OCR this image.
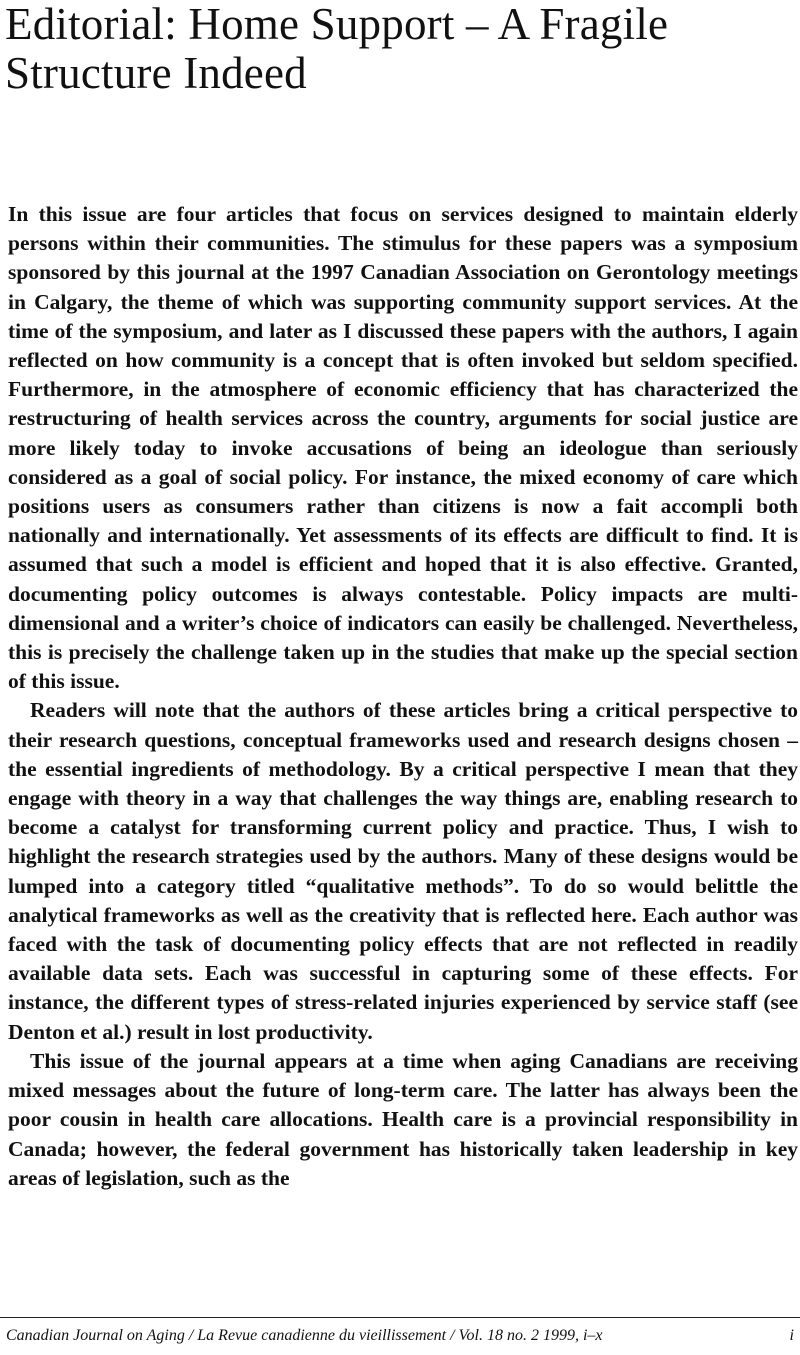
Editorial: Home Support – A Fragile
Structure Indeed

In this issue are four articles that focus on services designed to maintain elderly persons within their communities. The stimulus for these papers was a symposium sponsored by this journal at the 1997 Canadian Association on Gerontology meetings in Calgary, the theme of which was supporting community support services. At the time of the symposium, and later as I discussed these papers with the authors, I again reflected on how community is a concept that is often invoked but seldom specified. Furthermore, in the atmosphere of economic efficiency that has characterized the restructuring of health services across the country, arguments for social justice are more likely today to invoke accusations of being an ideologue than seriously considered as a goal of social policy. For instance, the mixed economy of care which positions users as consumers rather than citizens is now a fait accompli both nationally and internationally. Yet assessments of its effects are difficult to find. It is assumed that such a model is efficient and hoped that it is also effective. Granted, documenting policy outcomes is always contestable. Policy impacts are multi-dimensional and a writer’s choice of indicators can easily be challenged. Nevertheless, this is precisely the challenge taken up in the studies that make up the special section of this issue.

Readers will note that the authors of these articles bring a critical perspective to their research questions, conceptual frameworks used and research designs chosen – the essential ingredients of methodology. By a critical perspective I mean that they engage with theory in a way that challenges the way things are, enabling research to become a catalyst for transforming current policy and practice. Thus, I wish to highlight the research strategies used by the authors. Many of these designs would be lumped into a category titled “qualitative methods”. To do so would belittle the analytical frameworks as well as the creativity that is reflected here. Each author was faced with the task of documenting policy effects that are not reflected in readily available data sets. Each was successful in capturing some of these effects. For instance, the different types of stress-related injuries experienced by service staff (see Denton et al.) result in lost productivity.

This issue of the journal appears at a time when aging Canadians are receiving mixed messages about the future of long-term care. The latter has always been the poor cousin in health care allocations. Health care is a provincial responsibility in Canada; however, the federal government has historically taken leadership in key areas of legislation, such as the

Canadian Journal on Aging / La Revue canadienne du vieillissement / Vol. 18 no. 2 1999, i–x	i
